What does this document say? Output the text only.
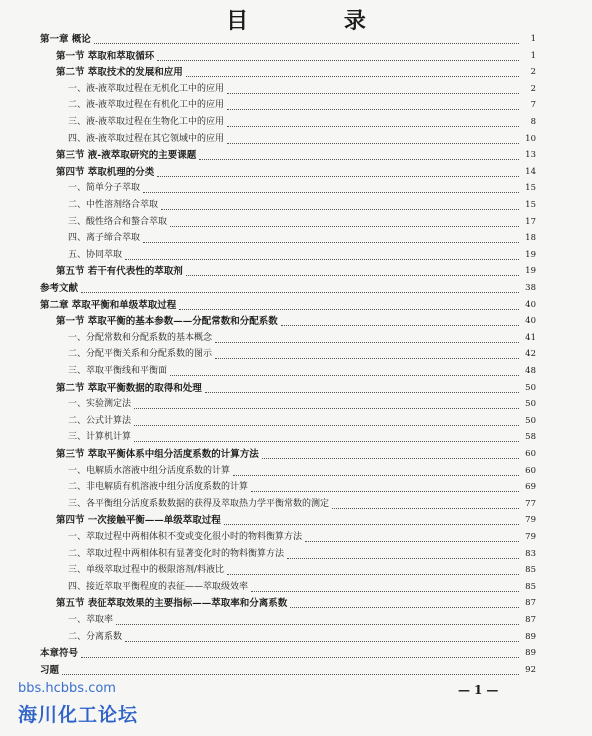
目 录
第一章 概论	1
第一节 萃取和萃取循环	1
第二节 萃取技术的发展和应用	2
一、液-液萃取过程在无机化工中的应用	2
二、液-液萃取过程在有机化工中的应用	7
三、液-液萃取过程在生物化工中的应用	8
四、液-液萃取过程在其它领域中的应用	10
第三节 液-液萃取研究的主要课题	13
第四节 萃取机理的分类	14
一、简单分子萃取	15
二、中性溶剂络合萃取	15
三、酸性络合和螯合萃取	17
四、离子缔合萃取	18
五、协同萃取	19
第五节 若干有代表性的萃取剂	19
参考文献	38
第二章 萃取平衡和单级萃取过程	40
第一节 萃取平衡的基本参数——分配常数和分配系数	40
一、分配常数和分配系数的基本概念	41
二、分配平衡关系和分配系数的图示	42
三、萃取平衡线和平衡面	48
第二节 萃取平衡数据的取得和处理	50
一、实验测定法	50
二、公式计算法	50
三、计算机计算	58
第三节 萃取平衡体系中组分活度系数的计算方法	60
一、电解质水溶液中组分活度系数的计算	60
二、非电解质有机溶液中组分活度系数的计算	69
三、各平衡组分活度系数数据的获得及萃取热力学平衡常数的测定	77
第四节 一次接触平衡——单级萃取过程	79
一、萃取过程中两相体积不变或变化很小时的物料衡算方法	79
二、萃取过程中两相体积有显著变化时的物料衡算方法	83
三、单级萃取过程中的极限溶剂/料液比	85
四、接近萃取平衡程度的表征——萃取级效率	85
第五节 表征萃取效果的主要指标——萃取率和分离系数	87
一、萃取率	87
二、分离系数	89
本章符号	89
习题	92
—1—
bbs.hcbbs.com
海川化工论坛
